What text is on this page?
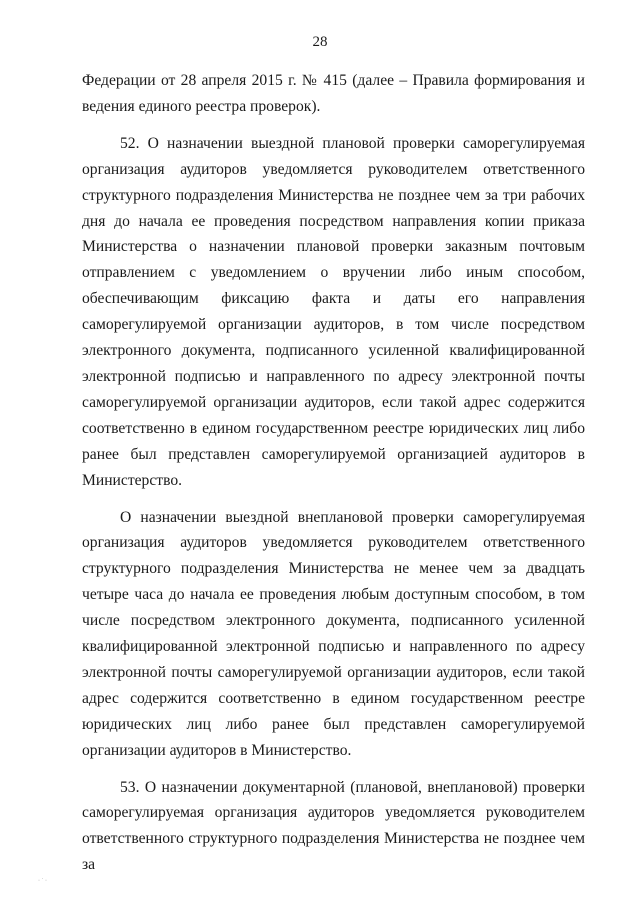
28

Федерации от 28 апреля 2015 г. № 415 (далее – Правила формирования и ведения единого реестра проверок).

52. О назначении выездной плановой проверки саморегулируемая организация аудиторов уведомляется руководителем ответственного структурного подразделения Министерства не позднее чем за три рабочих дня до начала ее проведения посредством направления копии приказа Министерства о назначении плановой проверки заказным почтовым отправлением с уведомлением о вручении либо иным способом, обеспечивающим фиксацию факта и даты его направления саморегулируемой организации аудиторов, в том числе посредством электронного документа, подписанного усиленной квалифицированной электронной подписью и направленного по адресу электронной почты саморегулируемой организации аудиторов, если такой адрес содержится соответственно в едином государственном реестре юридических лиц либо ранее был представлен саморегулируемой организацией аудиторов в Министерство.

О назначении выездной внеплановой проверки саморегулируемая организация аудиторов уведомляется руководителем ответственного структурного подразделения Министерства не менее чем за двадцать четыре часа до начала ее проведения любым доступным способом, в том числе посредством электронного документа, подписанного усиленной квалифицированной электронной подписью и направленного по адресу электронной почты саморегулируемой организации аудиторов, если такой адрес содержится соответственно в едином государственном реестре юридических лиц либо ранее был представлен саморегулируемой организации аудиторов в Министерство.

53. О назначении документарной (плановой, внеплановой) проверки саморегулируемая организация аудиторов уведомляется руководителем ответственного структурного подразделения Министерства не позднее чем за

· ˙ ·
